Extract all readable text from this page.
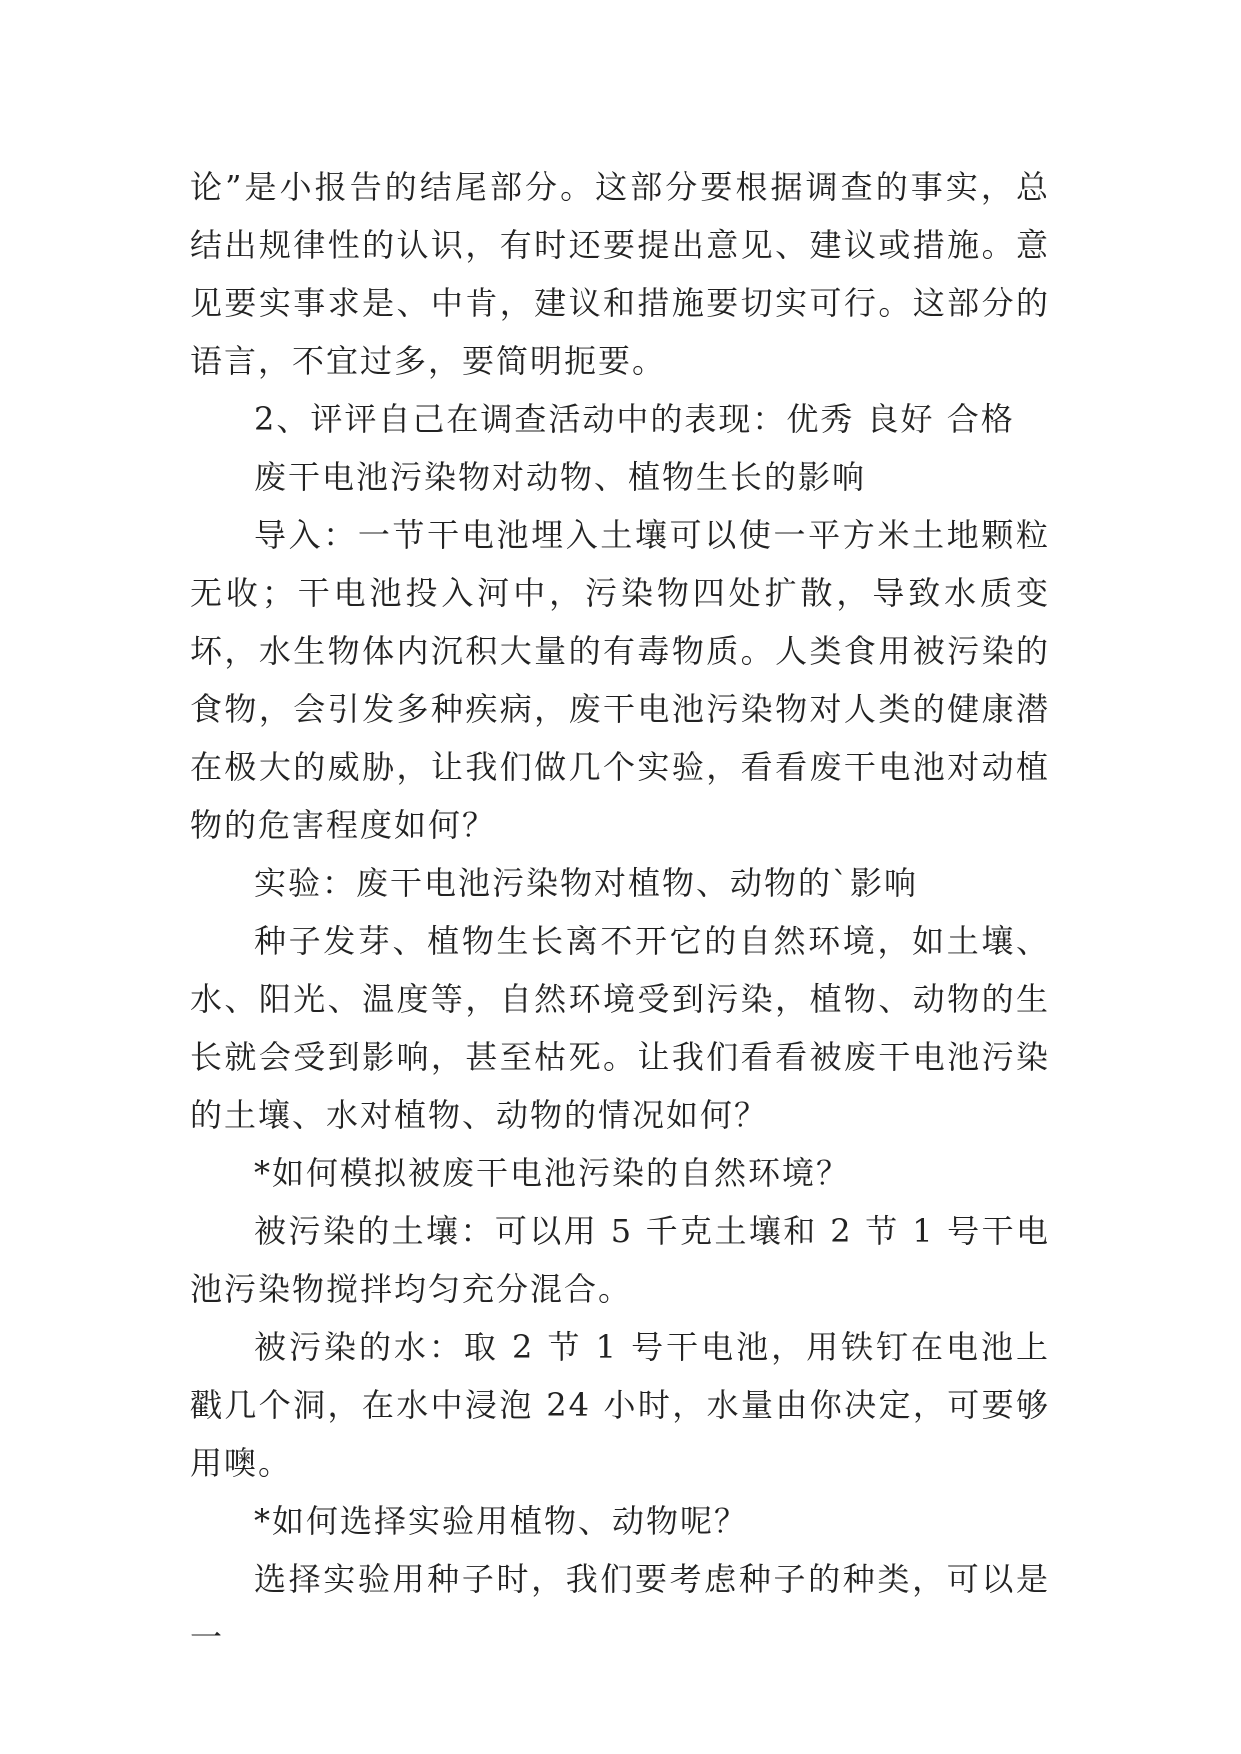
论”是小报告的结尾部分。这部分要根据调查的事实，总结出规律性的认识，有时还要提出意见、建议或措施。意见要实事求是、中肯，建议和措施要切实可行。这部分的语言，不宜过多，要简明扼要。

2、评评自己在调查活动中的表现：优秀 良好 合格

废干电池污染物对动物、植物生长的影响

导入：一节干电池埋入土壤可以使一平方米土地颗粒无收；干电池投入河中，污染物四处扩散，导致水质变坏，水生物体内沉积大量的有毒物质。人类食用被污染的食物，会引发多种疾病，废干电池污染物对人类的健康潜在极大的威胁，让我们做几个实验，看看废干电池对动植物的危害程度如何？

实验：废干电池污染物对植物、动物的`影响

种子发芽、植物生长离不开它的自然环境，如土壤、水、阳光、温度等，自然环境受到污染，植物、动物的生长就会受到影响，甚至枯死。让我们看看被废干电池污染的土壤、水对植物、动物的情况如何？

*如何模拟被废干电池污染的自然环境？

被污染的土壤：可以用 5 千克土壤和 2 节 1 号干电池污染物搅拌均匀充分混合。

被污染的水：取 2 节 1 号干电池，用铁钉在电池上戳几个洞，在水中浸泡 24 小时，水量由你决定，可要够用噢。

*如何选择实验用植物、动物呢？

选择实验用种子时，我们要考虑种子的种类，可以是一
